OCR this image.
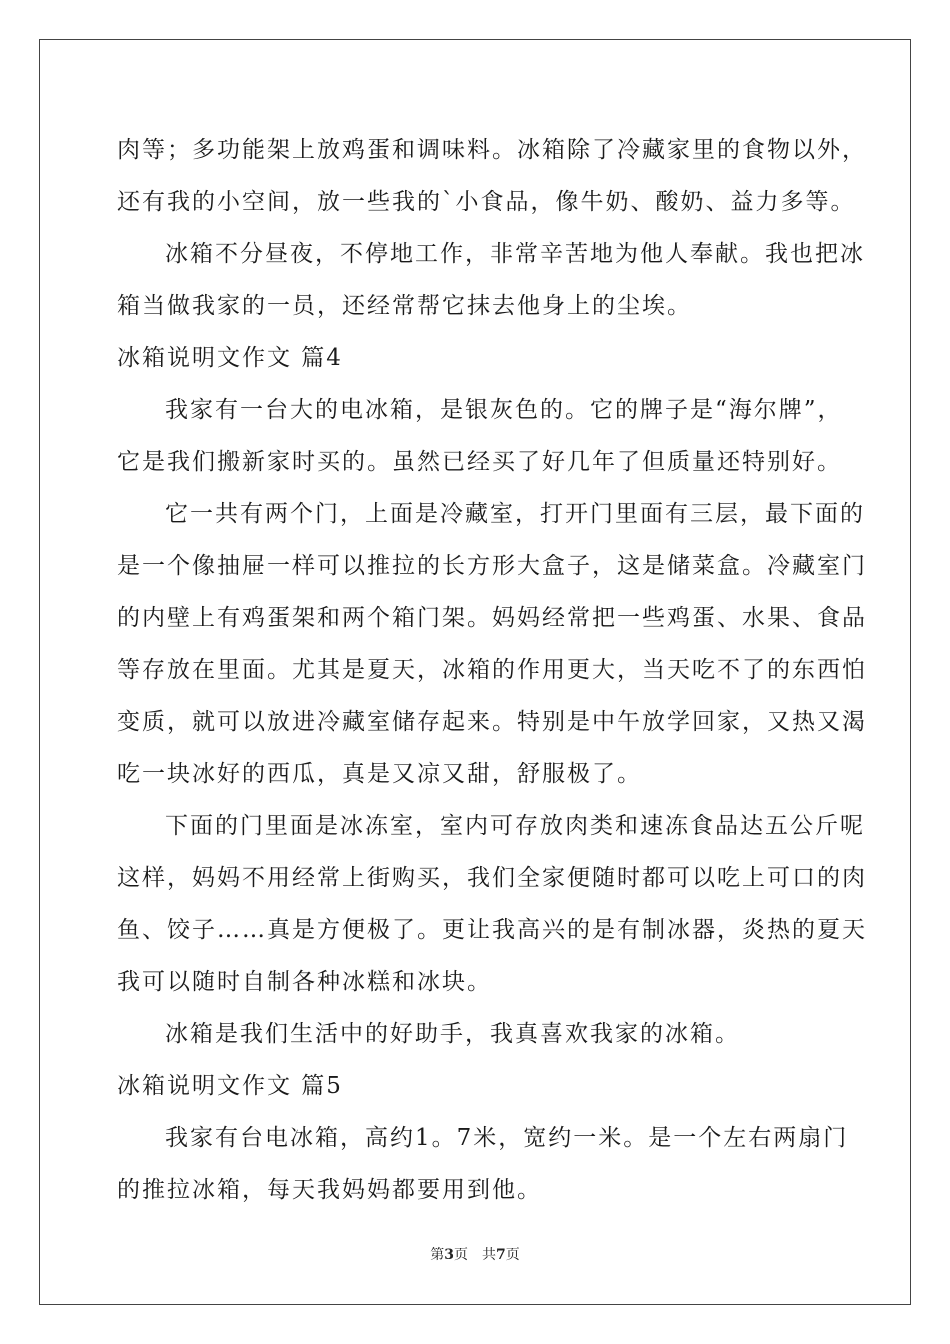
肉等；多功能架上放鸡蛋和调味料。冰箱除了冷藏家里的食物以外，
还有我的小空间，放一些我的`小食品，像牛奶、酸奶、益力多等。
冰箱不分昼夜，不停地工作，非常辛苦地为他人奉献。我也把冰
箱当做我家的一员，还经常帮它抹去他身上的尘埃。
冰箱说明文作文 篇4
我家有一台大的电冰箱，是银灰色的。它的牌子是“海尔牌”，
它是我们搬新家时买的。虽然已经买了好几年了但质量还特别好。
它一共有两个门，上面是冷藏室，打开门里面有三层，最下面的
是一个像抽屉一样可以推拉的长方形大盒子，这是储菜盒。冷藏室门
的内壁上有鸡蛋架和两个箱门架。妈妈经常把一些鸡蛋、水果、食品
等存放在里面。尤其是夏天，冰箱的作用更大，当天吃不了的东西怕
变质，就可以放进冷藏室储存起来。特别是中午放学回家，又热又渴
吃一块冰好的西瓜，真是又凉又甜，舒服极了。
下面的门里面是冰冻室，室内可存放肉类和速冻食品达五公斤呢
这样，妈妈不用经常上街购买，我们全家便随时都可以吃上可口的肉
鱼、饺子……真是方便极了。更让我高兴的是有制冰器，炎热的夏天
我可以随时自制各种冰糕和冰块。
冰箱是我们生活中的好助手，我真喜欢我家的冰箱。
冰箱说明文作文 篇5
我家有台电冰箱，高约1。7米，宽约一米。是一个左右两扇门
的推拉冰箱，每天我妈妈都要用到他。
第3页 共7页
